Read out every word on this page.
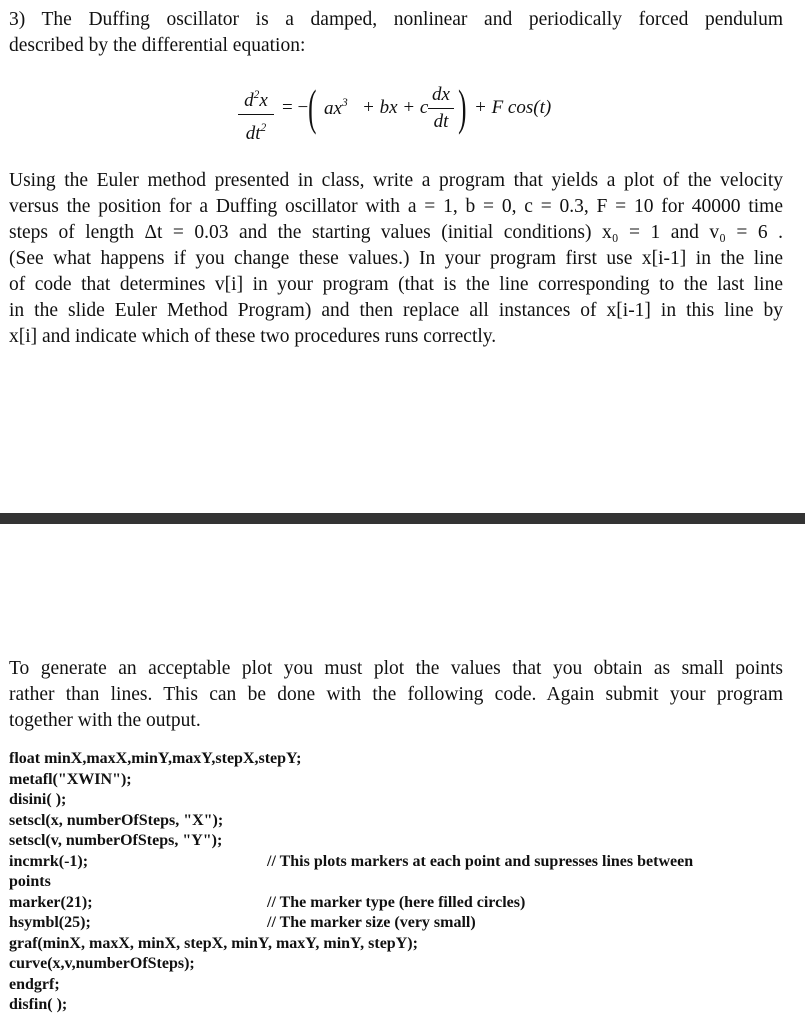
3) The Duffing oscillator is a damped, nonlinear and periodically forced pendulum
described by the differential equation:
$d^2x$
$dt^2$
= − ( $ax^3$ + bx + c
dx
dt ) + F cos(t)
Using the Euler method presented in class, write a program that yields a plot of the velocity
versus the position for a Duffing oscillator with a = 1, b = 0, c = 0.3, F = 10 for 40000 time
steps of length Δt = 0.03 and the starting values (initial conditions) x₀ = 1 and v₀ = 6 .
(See what happens if you change these values.) In your program first use x[i-1] in the line
of code that determines v[i] in your program (that is the line corresponding to the last line
in the slide Euler Method Program) and then replace all instances of x[i-1] in this line by
x[i] and indicate which of these two procedures runs correctly.
To generate an acceptable plot you must plot the values that you obtain as small points
rather than lines. This can be done with the following code. Again submit your program
together with the output.
float minX,maxX,minY,maxY,stepX,stepY;
metafl("XWIN");
disini( );
setscl(x, numberOfSteps, "X");
setscl(v, numberOfSteps, "Y");
incmrk(-1);	// This plots markers at each point and supresses lines between
points
marker(21);	// The marker type (here filled circles)
hsymbl(25);	// The marker size (very small)
graf(minX, maxX, minX, stepX, minY, maxY, minY, stepY);
curve(x,v,numberOfSteps);
endgrf;
disfin( );
